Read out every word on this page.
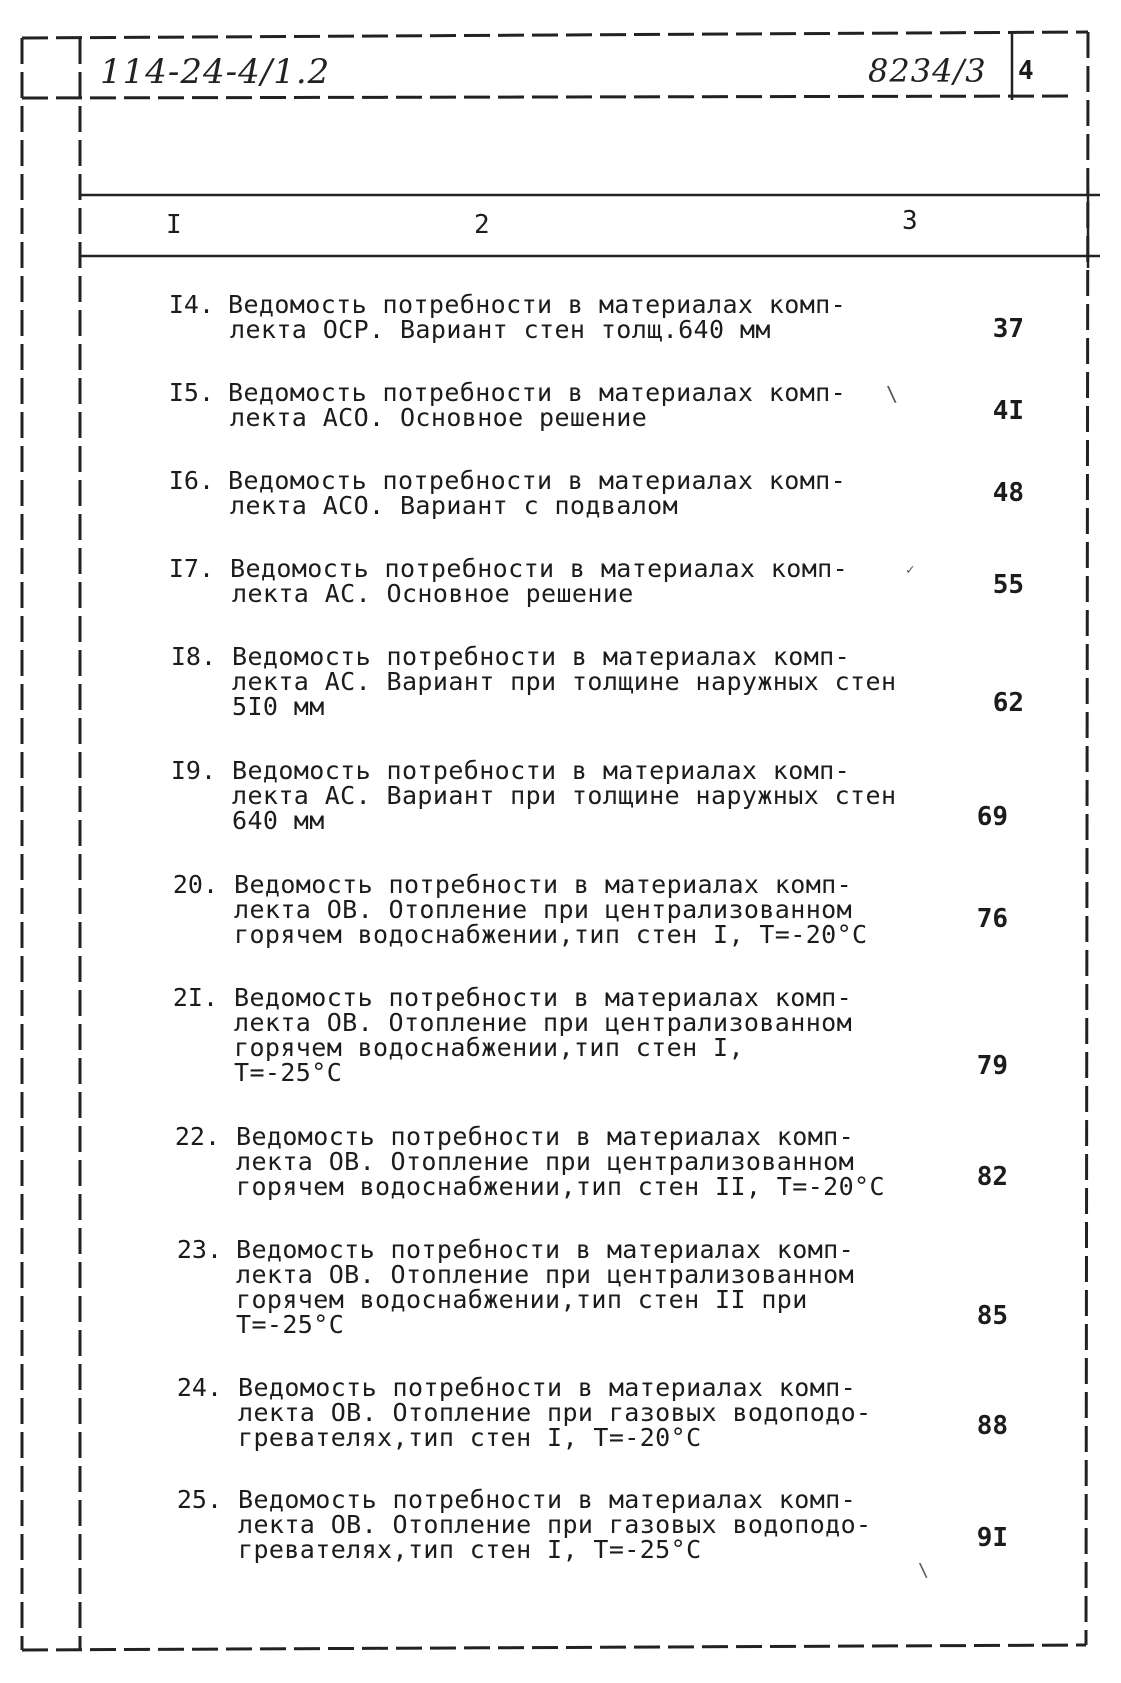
114-24-4/1.2	8234/3 4
I	2	3
I4. Ведомость потребности в материалах комп-
лекта ОСР. Вариант стен толщ.640 мм	37
I5. Ведомость потребности в материалах комп-
лекта АСО. Основное решение	4I
I6. Ведомость потребности в материалах комп-
лекта АСО. Вариант с подвалом	48
I7. Ведомость потребности в материалах комп-
лекта АС. Основное решение	55
I8. Ведомость потребности в материалах комп-
лекта АС. Вариант при толщине наружных стен
5I0 мм	62
I9. Ведомость потребности в материалах комп-
лекта АС. Вариант при толщине наружных стен
640 мм	69
20. Ведомость потребности в материалах комп-
лекта ОВ. Отопление при централизованном
горячем водоснабжении,тип стен I, Т=-20°С
76
2I. Ведомость потребности в материалах комп-
лекта ОВ. Отопление при централизованном
горячем водоснабжении,тип стен I,
Т=-25°С	79
22. Ведомость потребности в материалах комп-
лекта ОВ. Отопление при централизованном
горячем водоснабжении,тип стен II, Т=-20°С	82
23. Ведомость потребности в материалах комп-
лекта ОВ. Отопление при централизованном
горячем водоснабжении,тип стен II при
Т=-25°С	85
24. Ведомость потребности в материалах комп-
лекта ОВ. Отопление при газовых водоподо-
гревателях,тип стен I, Т=-20°С	88
25. Ведомость потребности в материалах комп-
лекта ОВ. Отопление при газовых водоподо-
гревателях,тип стен I, Т=-25°С	9I
\
✓
\
